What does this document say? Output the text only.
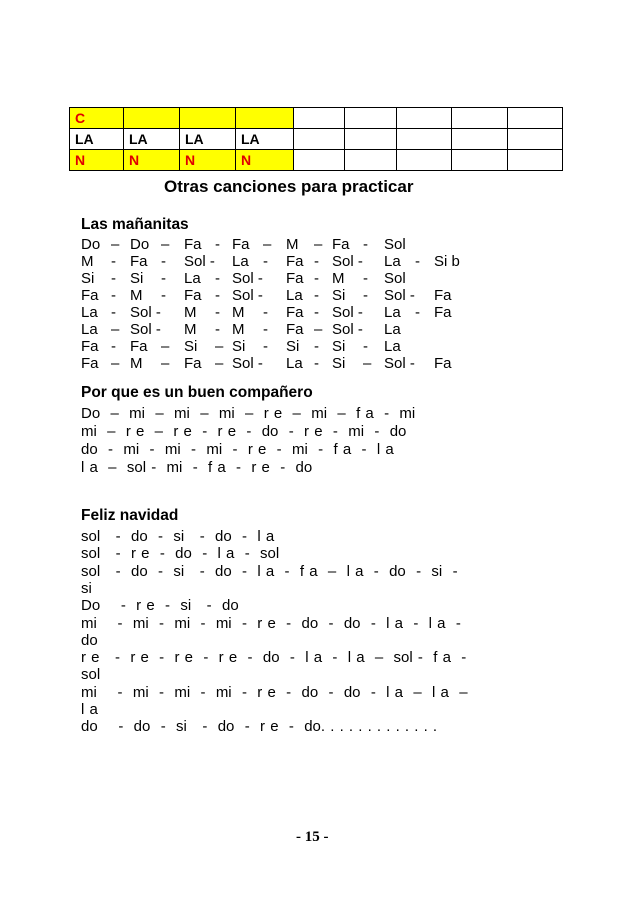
C								
LA	LA	LA	LA					
N	N	N	N					
Otras canciones para practicar
Las mañanitas
Do – Do – Fa - Fa – M – Fa - Sol
M - Fa - Sol - La - Fa - Sol - La - Si b
Si - Si - La - Sol - Fa - M - Sol
Fa - M - Fa - Sol - La - Si - Sol - Fa
La - Sol - M - M - Fa - Sol - La - Fa
La – Sol - M - M - Fa – Sol - La
Fa - Fa – Si – Si - Si - Si - La
Fa – M – Fa – Sol - La - Si – Sol - Fa
Por que es un buen compañero
Do  –  mi  –  mi  –  mi  –  r e  –  mi  –  f a  -  mi
mi  –  r e  –  r e  -  r e  -  do  -  r e  -  mi  -  do
do  -  mi  -  mi  -  mi  -  r e  -  mi  -  f a  -  l a
l a  –  sol -  mi  -  f a  -  r e  -  do
Feliz navidad
sol   -  do  -  si   -  do  -  l a
sol   -  r e  -  do  -  l a  -  sol
sol   -  do  -  si   -  do  -  l a  -  f a  –  l a  -  do  -  si  -
si
Do    -  r e  -  si   -  do
mi    -  mi  -  mi  -  mi  -  r e  -  do  -  do  -  l a  -  l a  -
do
r e   -  r e  -  r e  -  r e  -  do  -  l a  -  l a  –  sol -  f a  -
sol
mi    -  mi  -  mi  -  mi  -  r e  -  do  -  do  -  l a  –  l a  –
l a
do    -  do  -  si   -  do  -  r e  -  do. . . . . . . . . . . . .
- 15 -
